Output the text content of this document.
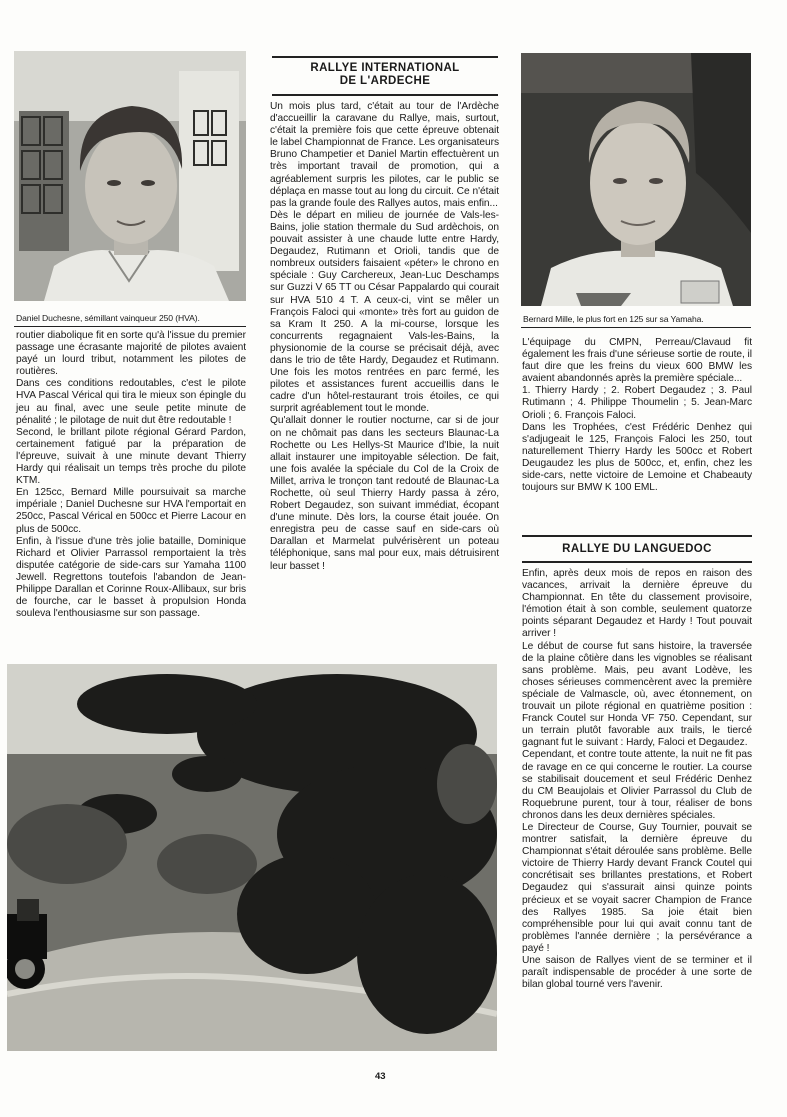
Daniel Duchesne, sémillant vainqueur 250 (HVA).

routier diabolique fit en sorte qu'à l'issue du premier passage une écrasante majorité de pilotes avaient payé un lourd tribut, notamment les pilotes de routières.

Dans ces conditions redoutables, c'est le pilote HVA Pascal Vérical qui tira le mieux son épingle du jeu au final, avec une seule petite minute de pénalité ; le pilotage de nuit dut être redoutable !

Second, le brillant pilote régional Gérard Pardon, certainement fatigué par la préparation de l'épreuve, suivait à une minute devant Thierry Hardy qui réalisait un temps très proche du pilote KTM.

En 125cc, Bernard Mille poursuivait sa marche impériale ; Daniel Duchesne sur HVA l'emportait en 250cc, Pascal Vérical en 500cc et Pierre Lacour en plus de 500cc.

Enfin, à l'issue d'une très jolie bataille, Dominique Richard et Olivier Parrassol remportaient la très disputée catégorie de side-cars sur Yamaha 1100 Jewell. Regrettons toutefois l'abandon de Jean-Philippe Darallan et Corinne Roux-Allibaux, sur bris de fourche, car le basset à propulsion Honda souleva l'enthousiasme sur son passage.

RALLYE INTERNATIONAL
DE L'ARDECHE

Un mois plus tard, c'était au tour de l'Ardèche d'accueillir la caravane du Rallye, mais, surtout, c'était la première fois que cette épreuve obtenait le label Championnat de France. Les organisateurs Bruno Champetier et Daniel Martin effectuèrent un très important travail de promotion, qui a agréablement surpris les pilotes, car le public se déplaça en masse tout au long du circuit. Ce n'était pas la grande foule des Rallyes autos, mais enfin...

Dès le départ en milieu de journée de Vals-les-Bains, jolie station thermale du Sud ardèchois, on pouvait assister à une chaude lutte entre Hardy, Degaudez, Rutimann et Orioli, tandis que de nombreux outsiders faisaient «péter» le chrono en spéciale : Guy Carchereux, Jean-Luc Deschamps sur Guzzi V 65 TT ou César Pappalardo qui courait sur HVA 510 4 T. A ceux-ci, vint se mêler un François Faloci qui «monte» très fort au guidon de sa Kram It 250. A la mi-course, lorsque les concurrents regagnaient Vals-les-Bains, la physionomie de la course se précisait déjà, avec dans le trio de tête Hardy, Degaudez et Rutimann. Une fois les motos rentrées en parc fermé, les pilotes et assistances furent accueillis dans le cadre d'un hôtel-restaurant trois étoiles, ce qui surprit agréablement tout le monde.

Qu'allait donner le routier nocturne, car si de jour on ne chômait pas dans les secteurs Blaunac-La Rochette ou Les Hellys-St Maurice d'Ibie, la nuit allait instaurer une impitoyable sélection. De fait, une fois avalée la spéciale du Col de la Croix de Millet, arriva le tronçon tant redouté de Blaunac-La Rochette, où seul Thierry Hardy passa à zéro, Robert Degaudez, son suivant immédiat, écopant d'une minute. Dès lors, la course était jouée. On enregistra peu de casse sauf en side-cars où Darallan et Marmelat pulvérisèrent un poteau téléphonique, sans mal pour eux, mais détruisirent leur basset !

Bernard Mille, le plus fort en 125 sur sa Yamaha.

L'équipage du CMPN, Perreau/Clavaud fit également les frais d'une sérieuse sortie de route, il faut dire que les freins du vieux 600 BMW les avaient abandonnés après la première spéciale...

1. Thierry Hardy ; 2. Robert Degaudez ; 3. Paul Rutimann ; 4. Philippe Thoumelin ; 5. Jean-Marc Orioli ; 6. François Faloci.

Dans les Trophées, c'est Frédéric Denhez qui s'adjugeait le 125, François Faloci les 250, tout naturellement Thierry Hardy les 500cc et Robert Deugaudez les plus de 500cc, et, enfin, chez les side-cars, nette victoire de Lemoine et Chabeauty toujours sur BMW K 100 EML.

RALLYE DU LANGUEDOC

Enfin, après deux mois de repos en raison des vacances, arrivait la dernière épreuve du Championnat. En tête du classement provisoire, l'émotion était à son comble, seulement quatorze points séparant Degaudez et Hardy ! Tout pouvait arriver !

Le début de course fut sans histoire, la traversée de la plaine côtière dans les vignobles se réalisant sans problème. Mais, peu avant Lodève, les choses sérieuses commencèrent avec la première spéciale de Valmascle, où, avec étonnement, on trouvait un pilote régional en quatrième position : Franck Coutel sur Honda VF 750. Cependant, sur un terrain plutôt favorable aux trails, le tiercé gagnant fut le suivant : Hardy, Faloci et Degaudez.

Cependant, et contre toute attente, la nuit ne fit pas de ravage en ce qui concerne le routier. La course se stabilisait doucement et seul Frédéric Denhez du CM Beaujolais et Olivier Parrassol du Club de Roquebrune purent, tour à tour, réaliser de bons chronos dans les deux dernières spéciales.

Le Directeur de Course, Guy Tournier, pouvait se montrer satisfait, la dernière épreuve du Championnat s'était déroulée sans problème. Belle victoire de Thierry Hardy devant Franck Coutel qui concrétisait ses brillantes prestations, et Robert Degaudez qui s'assurait ainsi quinze points précieux et se voyait sacrer Champion de France des Rallyes 1985. Sa joie était bien compréhensible pour lui qui avait connu tant de problèmes l'année dernière ; la persévérance a payé !

Une saison de Rallyes vient de se terminer et il paraît indispensable de procéder à une sorte de bilan global tourné vers l'avenir.

43
